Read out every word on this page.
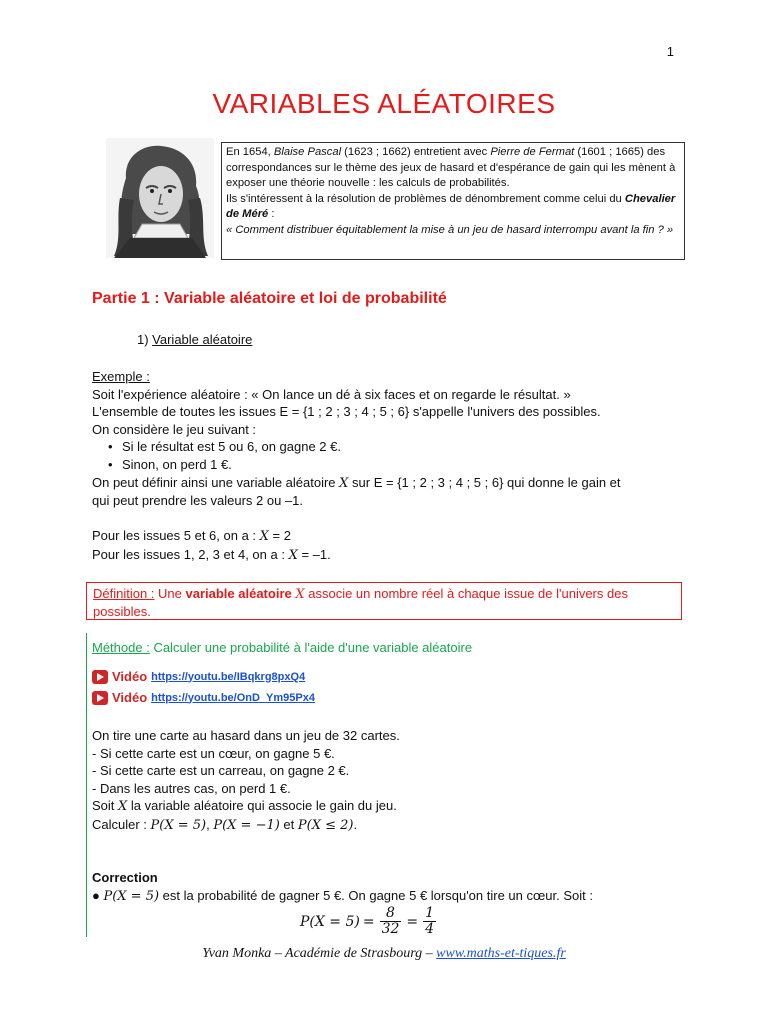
1
VARIABLES ALÉATOIRES

En 1654, Blaise Pascal (1623 ; 1662) entretient avec Pierre de Fermat (1601 ; 1665) des correspondances sur le thème des jeux de hasard et d'espérance de gain qui les mènent à exposer une théorie nouvelle : les calculs de probabilités.
Ils s'intéressent à la résolution de problèmes de dénombrement comme celui du Chevalier de Méré :
« Comment distribuer équitablement la mise à un jeu de hasard interrompu avant la fin ? »

Partie 1 : Variable aléatoire et loi de probabilité
1) Variable aléatoire

Exemple :

Soit l'expérience aléatoire : « On lance un dé à six faces et on regarde le résultat. »

L'ensemble de toutes les issues E = {1 ; 2 ; 3 ; 4 ; 5 ; 6} s'appelle l'univers des possibles.

On considère le jeu suivant :

• Si le résultat est 5 ou 6, on gagne 2 €.
• Sinon, on perd 1 €.

On peut définir ainsi une variable aléatoire X sur E = {1 ; 2 ; 3 ; 4 ; 5 ; 6} qui donne le gain et

qui peut prendre les valeurs 2 ou –1.

Pour les issues 5 et 6, on a : X = 2

Pour les issues 1, 2, 3 et 4, on a : X = –1.

Définition : Une variable aléatoire X associe un nombre réel à chaque issue de l'univers des possibles.
Méthode : Calculer une probabilité à l'aide d'une variable aléatoire
Vidéo https://youtu.be/IBqkrg8pxQ4
Vidéo https://youtu.be/OnD_Ym95Px4

On tire une carte au hasard dans un jeu de 32 cartes.

- Si cette carte est un cœur, on gagne 5 €.

- Si cette carte est un carreau, on gagne 2 €.

- Dans les autres cas, on perd 1 €.

Soit X la variable aléatoire qui associe le gain du jeu.

Calculer : P(X = 5), P(X = −1) et P(X ≤ 2).

Correction

● P(X = 5) est la probabilité de gagner 5 €. On gagne 5 € lorsqu'on tire un cœur. Soit :

$P(X = 5) = \frac{8}{32} = \frac{1}{4}$
Yvan Monka – Académie de Strasbourg – www.maths-et-tiques.fr
